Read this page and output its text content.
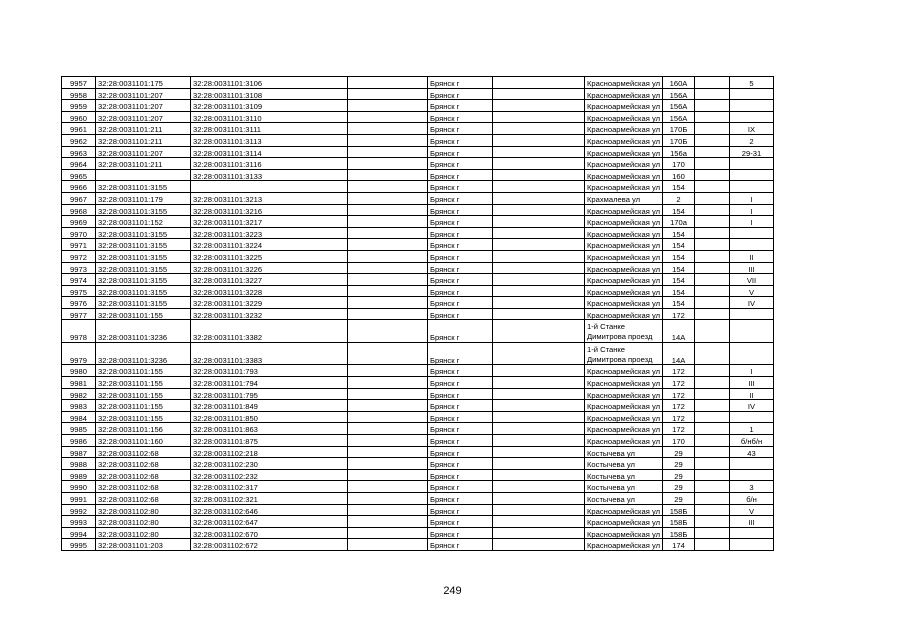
9957	32:28:0031101:175	32:28:0031101:3106		Брянск г		Красноармейская ул	160А		5
9958	32:28:0031101:207	32:28:0031101:3108		Брянск г		Красноармейская ул	156А		
9959	32:28:0031101:207	32:28:0031101:3109		Брянск г		Красноармейская ул	156А		
9960	32:28:0031101:207	32:28:0031101:3110		Брянск г		Красноармейская ул	156А		
9961	32:28:0031101:211	32:28:0031101:3111		Брянск г		Красноармейская ул	170Б		IX
9962	32:28:0031101:211	32:28:0031101:3113		Брянск г		Красноармейская ул	170Б		2
9963	32:28:0031101:207	32:28:0031101:3114		Брянск г		Красноармейская ул	156а		29-31
9964	32:28:0031101:211	32:28:0031101:3116		Брянск г		Красноармейская ул	170		
9965		32:28:0031101:3133		Брянск г		Красноармейская ул	160		
9966	32:28:0031101:3155			Брянск г		Красноармейская ул	154		
9967	32:28:0031101:179	32:28:0031101:3213		Брянск г		Крахмалева ул	2		I
9968	32:28:0031101:3155	32:28:0031101:3216		Брянск г		Красноармейская ул	154		I
9969	32:28:0031101:152	32:28:0031101:3217		Брянск г		Красноармейская ул	170а		I
9970	32:28:0031101:3155	32:28:0031101:3223		Брянск г		Красноармейская ул	154		
9971	32:28:0031101:3155	32:28:0031101:3224		Брянск г		Красноармейская ул	154		
9972	32:28:0031101:3155	32:28:0031101:3225		Брянск г		Красноармейская ул	154		II
9973	32:28:0031101:3155	32:28:0031101:3226		Брянск г		Красноармейская ул	154		III
9974	32:28:0031101:3155	32:28:0031101:3227		Брянск г		Красноармейская ул	154		VII
9975	32:28:0031101:3155	32:28:0031101:3228		Брянск г		Красноармейская ул	154		V
9976	32:28:0031101:3155	32:28:0031101:3229		Брянск г		Красноармейская ул	154		IV
9977	32:28:0031101:155	32:28:0031101:3232		Брянск г		Красноармейская ул	172		
9978	32:28:0031101:3236	32:28:0031101:3382		Брянск г		1-й Станке Димитрова проезд	14А		
9979	32:28:0031101:3236	32:28:0031101:3383		Брянск г		1-й Станке Димитрова проезд	14А		
9980	32:28:0031101:155	32:28:0031101:793		Брянск г		Красноармейская ул	172		I
9981	32:28:0031101:155	32:28:0031101:794		Брянск г		Красноармейская ул	172		III
9982	32:28:0031101:155	32:28:0031101:795		Брянск г		Красноармейская ул	172		II
9983	32:28:0031101:155	32:28:0031101:849		Брянск г		Красноармейская ул	172		IV
9984	32:28:0031101:155	32:28:0031101:850		Брянск г		Красноармейская ул	172		
9985	32:28:0031101:156	32:28:0031101:863		Брянск г		Красноармейская ул	172		1
9986	32:28:0031101:160	32:28:0031101:875		Брянск г		Красноармейская ул	170		б/нб/н
9987	32:28:0031102:68	32:28:0031102:218		Брянск г		Костычева ул	29		43
9988	32:28:0031102:68	32:28:0031102:230		Брянск г		Костычева ул	29		
9989	32:28:0031102:68	32:28:0031102:232		Брянск г		Костычева ул	29		
9990	32:28:0031102:68	32:28:0031102:317		Брянск г		Костычева ул	29		3
9991	32:28:0031102:68	32:28:0031102:321		Брянск г		Костычева ул	29		б/н
9992	32:28:0031102:80	32:28:0031102:646		Брянск г		Красноармейская ул	158Б		V
9993	32:28:0031102:80	32:28:0031102:647		Брянск г		Красноармейская ул	158Б		III
9994	32:28:0031102:80	32:28:0031102:670		Брянск г		Красноармейская ул	158Б		
9995	32:28:0031101:203	32:28:0031102:672		Брянск г		Красноармейская ул	174		
249
